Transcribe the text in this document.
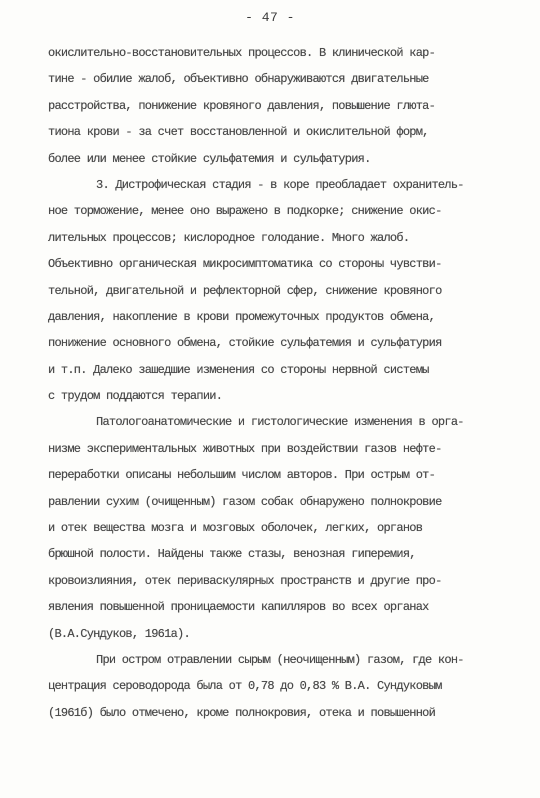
- 47 -
окислительно-восстановительных процессов. В клинической кар-
тине - обилие жалоб, объективно обнаруживаются двигательные
расстройства, понижение кровяного давления, повышение глюта-
тиона крови - за счет восстановленной и окислительной форм,
более или менее стойкие сульфатемия и сульфатурия.
3. Дистрофическая стадия - в коре преобладает охранитель-
ное торможение, менее оно выражено в подкорке; снижение окис-
лительных процессов; кислородное голодание. Много жалоб.
Объективно органическая микросимптоматика со стороны чувстви-
тельной, двигательной и рефлекторной сфер, снижение кровяного
давления, накопление в крови промежуточных продуктов обмена,
понижение основного обмена, стойкие сульфатемия и сульфатурия
и т.п. Далеко зашедшие изменения со стороны нервной системы
с трудом поддаются терапии.
Патологоанатомические и гистологические изменения в орга-
низме экспериментальных животных при воздействии газов нефте-
переработки описаны небольшим числом авторов. При острым от-
равлении сухим (очищенным) газом собак обнаружено полнокровие
и отек вещества мозга и мозговых оболочек, легких, органов
брюшной полости. Найдены также стазы, венозная гиперемия,
кровоизлияния, отек периваскулярных пространств и другие про-
явления повышенной проницаемости капилляров во всех органах
(В.А.Сундуков, 1961а).
При остром отравлении сырым (неочищенным) газом, где кон-
центрация сероводорода была от 0,78 до 0,83 % В.А. Сундуковым
(1961б) было отмечено, кроме полнокровия, отека и повышенной
